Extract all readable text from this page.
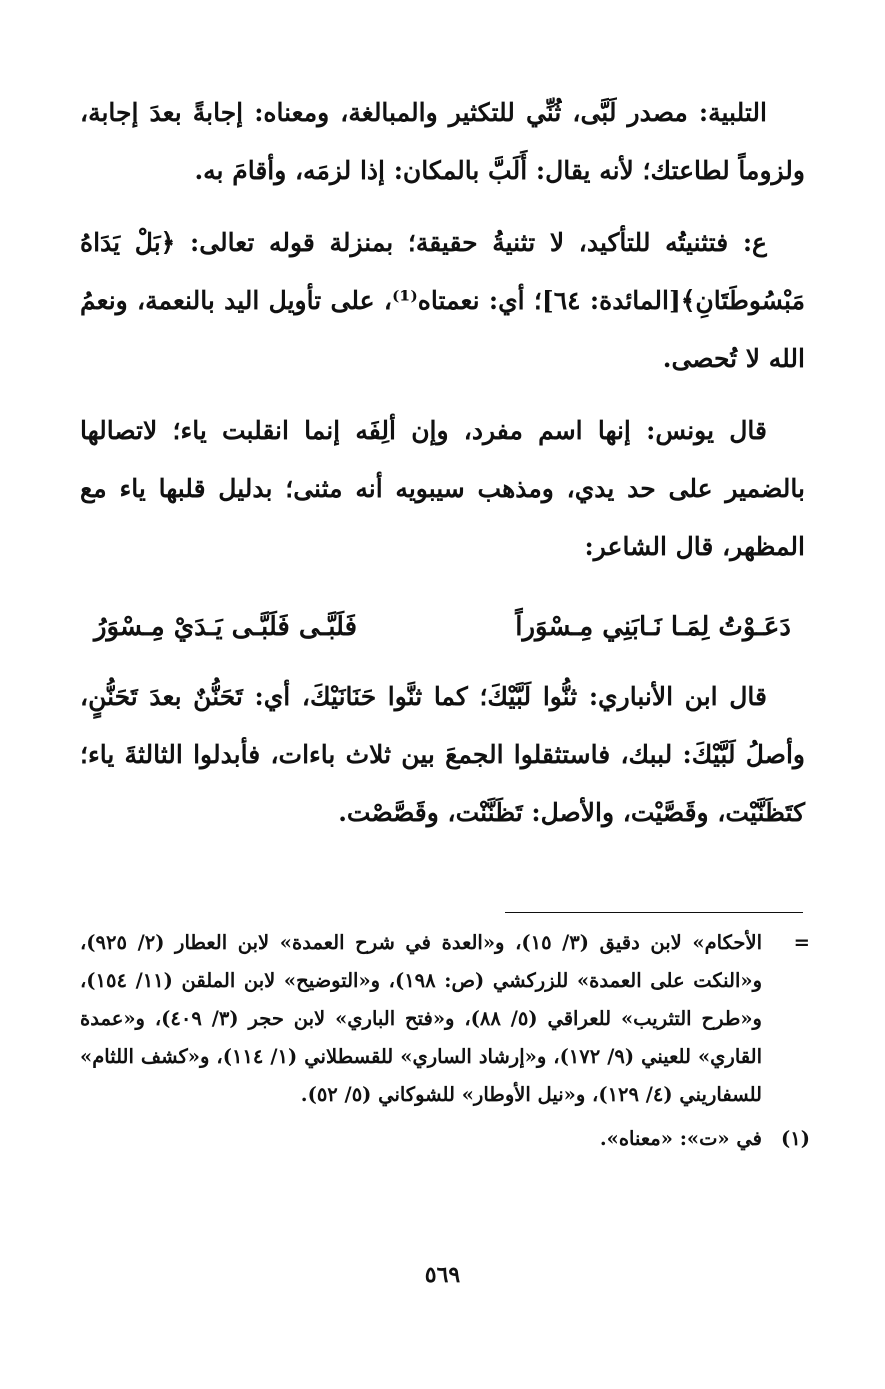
التلبية: مصدر لَبَّى، ثُنِّي للتكثير والمبالغة، ومعناه: إجابةً بعدَ إجابة، ولزوماً لطاعتك؛ لأنه يقال: أَلَبَّ بالمكان: إذا لزمَه، وأقامَ به.

ع: فتثنيتُه للتأكيد، لا تثنيةُ حقيقة؛ بمنزلة قوله تعالى: ﴿بَلْ يَدَاهُ مَبْسُوطَتَانِ﴾[المائدة: ٦٤]؛ أي: نعمتاه⁽¹⁾، على تأويل اليد بالنعمة، ونعمُ الله لا تُحصى.

قال يونس: إنها اسم مفرد، وإن ألِفَه إنما انقلبت ياء؛ لاتصالها بالضمير على حد يدي، ومذهب سيبويه أنه مثنى؛ بدليل قلبها ياء مع المظهر، قال الشاعر:

دَعَـوْتُ لِمَـا نَـابَنِي مِـسْوَراً
فَلَبَّـى فَلَبَّـى يَـدَيْ مِـسْوَرُ

قال ابن الأنباري: ثنُّوا لَبَّيْكَ؛ كما ثنَّوا حَنَانَيْكَ، أي: تَحَنُّنٌ بعدَ تَحَنُّنٍ، وأصلُ لَبَّيْكَ: لببك، فاستثقلوا الجمعَ بين ثلاث باءات، فأبدلوا الثالثةَ ياء؛ كتَظَنَّيْت، وقَصَّيْت، والأصل: تَظَنَّنْت، وقَصَّصْت.

=
الأحكام» لابن دقيق (٣/ ١٥)، و«العدة في شرح العمدة» لابن العطار (٢/ ٩٢٥)، و«النكت على العمدة» للزركشي (ص: ١٩٨)، و«التوضيح» لابن الملقن (١١/ ١٥٤)، و«طرح التثريب» للعراقي (٥/ ٨٨)، و«فتح الباري» لابن حجر (٣/ ٤٠٩)، و«عمدة القاري» للعيني (٩/ ١٧٢)، و«إرشاد الساري» للقسطلاني (١/ ١١٤)، و«كشف اللثام» للسفاريني (٤/ ١٢٩)، و«نيل الأوطار» للشوكاني (٥/ ٥٢).
(١)
في «ت»: «معناه».
٥٦٩
